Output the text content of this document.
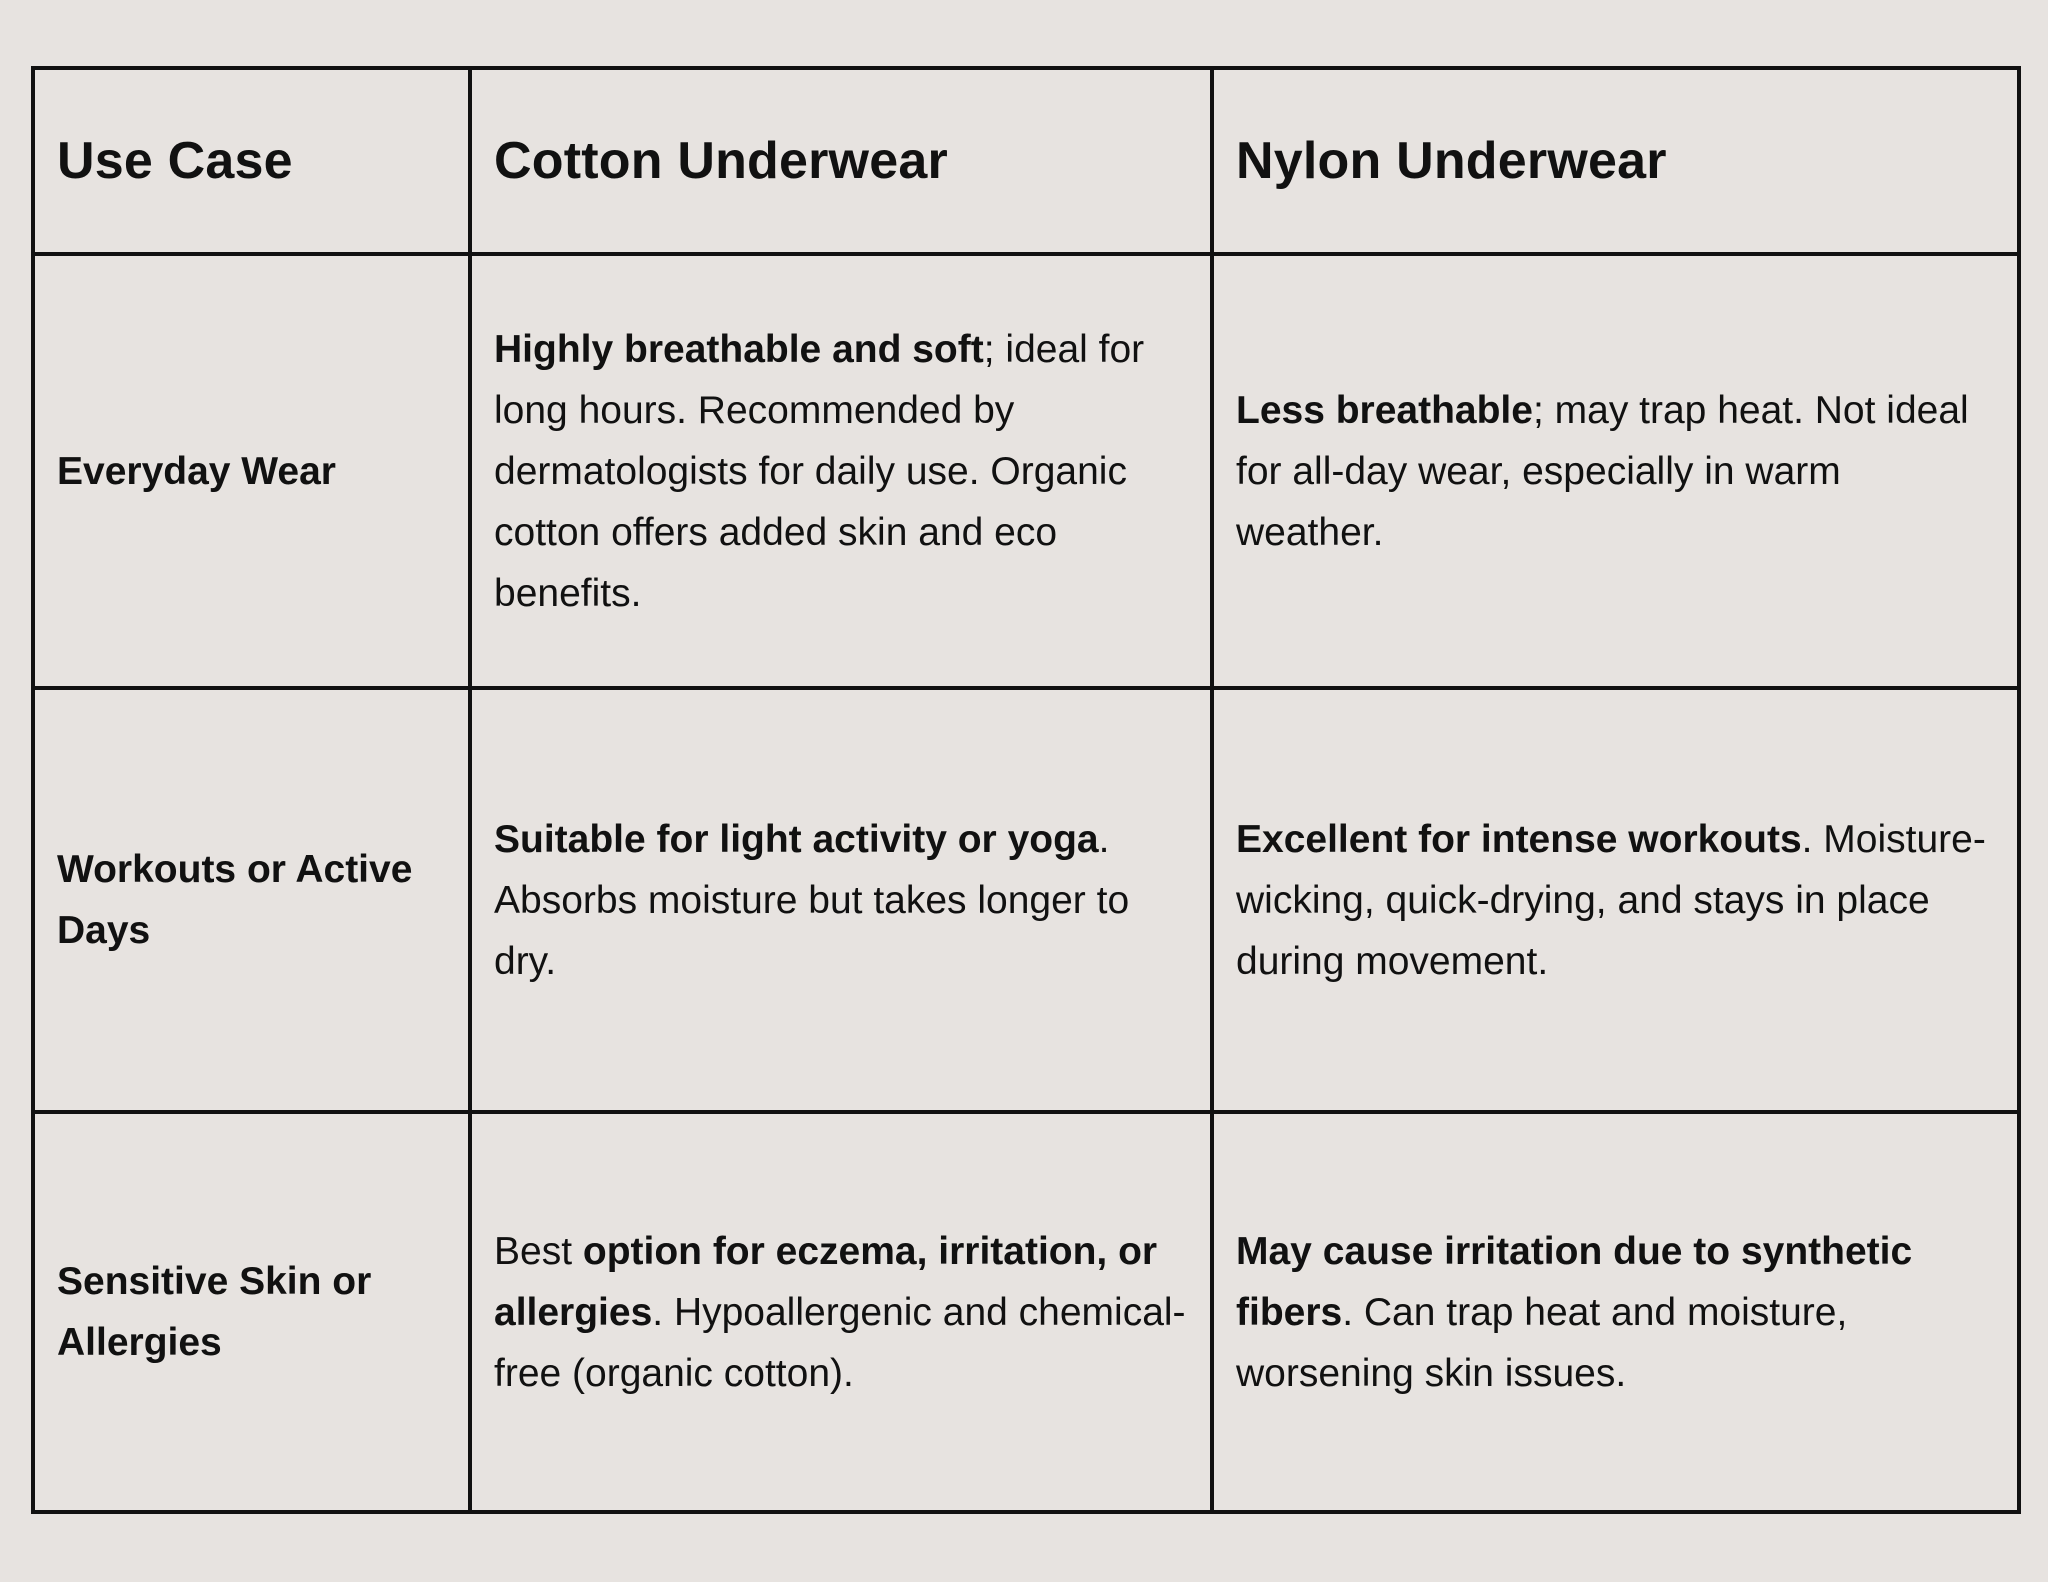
Use Case	Cotton Underwear	Nylon Underwear
Everyday Wear	Highly breathable and soft; ideal for long hours. Recommended by dermatologists for daily use. Organic cotton offers added skin and eco benefits.	Less breathable; may trap heat. Not ideal for all-day wear, especially in warm weather.
Workouts or Active Days	Suitable for light activity or yoga. Absorbs moisture but takes longer to dry.	Excellent for intense workouts. Moisture-wicking, quick-drying, and stays in place during movement.
Sensitive Skin or Allergies	Best option for eczema, irritation, or allergies. Hypoallergenic and chemical-free (organic cotton).	May cause irritation due to synthetic fibers. Can trap heat and moisture, worsening skin issues.
